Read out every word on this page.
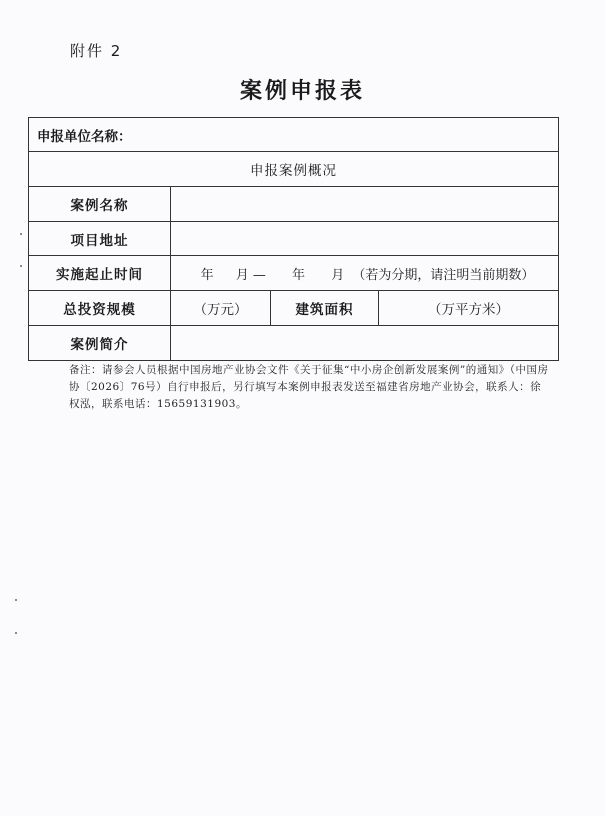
附件 2
案例申报表
申报单位名称：			
申报案例概况			
案例名称			
项目地址			
实施起止时间	年 月 — 年 月 （若为分期，请注明当前期数）		
总投资规模	（万元）	建筑面积	（万平方米）
案例简介			
备注：请参会人员根据中国房地产业协会文件《关于征集“中小房企创新发展案例”的通知》（中国房协〔2026〕76号）自行申报后，另行填写本案例申报表发送至福建省房地产业协会，联系人：徐权泓，联系电话：15659131903。
